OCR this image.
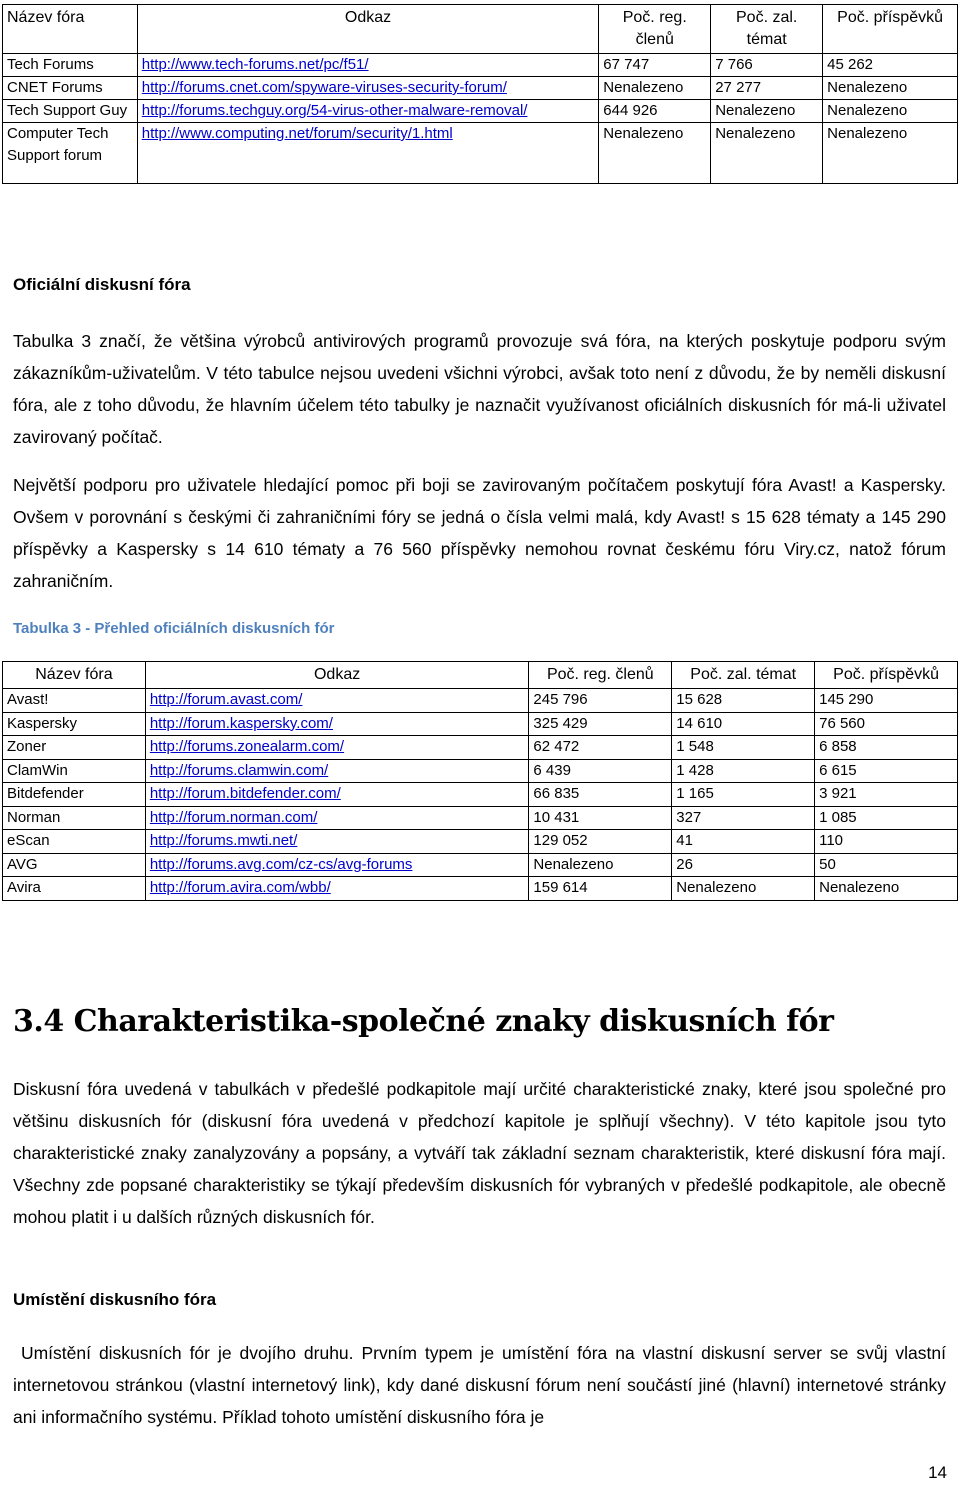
Název fóra	Odkaz	Poč. reg. členů	Poč. zal. témat	Poč. příspěvků
Tech Forums	http://www.tech-forums.net/pc/f51/	67 747	7 766	45 262
CNET Forums	http://forums.cnet.com/spyware-viruses-security-forum/	Nenalezeno	27 277	Nenalezeno
Tech Support Guy	http://forums.techguy.org/54-virus-other-malware-removal/	644 926	Nenalezeno	Nenalezeno
Computer Tech Support forum	http://www.computing.net/forum/security/1.html	Nenalezeno	Nenalezeno	Nenalezeno

Oficiální diskusní fóra

Tabulka 3 značí, že většina výrobců antivirových programů provozuje svá fóra, na kterých poskytuje podporu svým zákazníkům-uživatelům. V této tabulce nejsou uvedeni všichni výrobci, avšak toto není z důvodu, že by neměli diskusní fóra, ale z toho důvodu, že hlavním účelem této tabulky je naznačit využívanost oficiálních diskusních fór má-li uživatel zavirovaný počítač.

Největší podporu pro uživatele hledající pomoc při boji se zavirovaným počítačem poskytují fóra Avast! a Kaspersky. Ovšem v porovnání s českými či zahraničními fóry se jedná o čísla velmi malá, kdy Avast! s 15 628 tématy a 145 290 příspěvky a Kaspersky s 14 610 tématy a 76 560 příspěvky nemohou rovnat českému fóru Viry.cz, natož fórum zahraničním.

Tabulka 3 - Přehled oficiálních diskusních fór

Název fóra	Odkaz	Poč. reg. členů	Poč. zal. témat	Poč. příspěvků
Avast!	http://forum.avast.com/	245 796	15 628	145 290
Kaspersky	http://forum.kaspersky.com/	325 429	14 610	76 560
Zoner	http://forums.zonealarm.com/	62 472	1 548	6 858
ClamWin	http://forums.clamwin.com/	6 439	1 428	6 615
Bitdefender	http://forum.bitdefender.com/	66 835	1 165	3 921
Norman	http://forum.norman.com/	10 431	327	1 085
eScan	http://forums.mwti.net/	129 052	41	110
AVG	http://forums.avg.com/cz-cs/avg-forums	Nenalezeno	26	50
Avira	http://forum.avira.com/wbb/	159 614	Nenalezeno	Nenalezeno
3.4 Charakteristika-společné znaky diskusních fór

Diskusní fóra uvedená v tabulkách v předešlé podkapitole mají určité charakteristické znaky, které jsou společné pro většinu diskusních fór (diskusní fóra uvedená v předchozí kapitole je splňují všechny). V této kapitole jsou tyto charakteristické znaky zanalyzovány a popsány, a vytváří tak základní seznam charakteristik, které diskusní fóra mají. Všechny zde popsané charakteristiky se týkají především diskusních fór vybraných v předešlé podkapitole, ale obecně mohou platit i u dalších různých diskusních fór.

Umístění diskusního fóra

Umístění diskusních fór je dvojího druhu. Prvním typem je umístění fóra na vlastní diskusní server se svůj vlastní internetovou stránkou (vlastní internetový link), kdy dané diskusní fórum není součástí jiné (hlavní) internetové stránky ani informačního systému. Příklad tohoto umístění diskusního fóra je

14
